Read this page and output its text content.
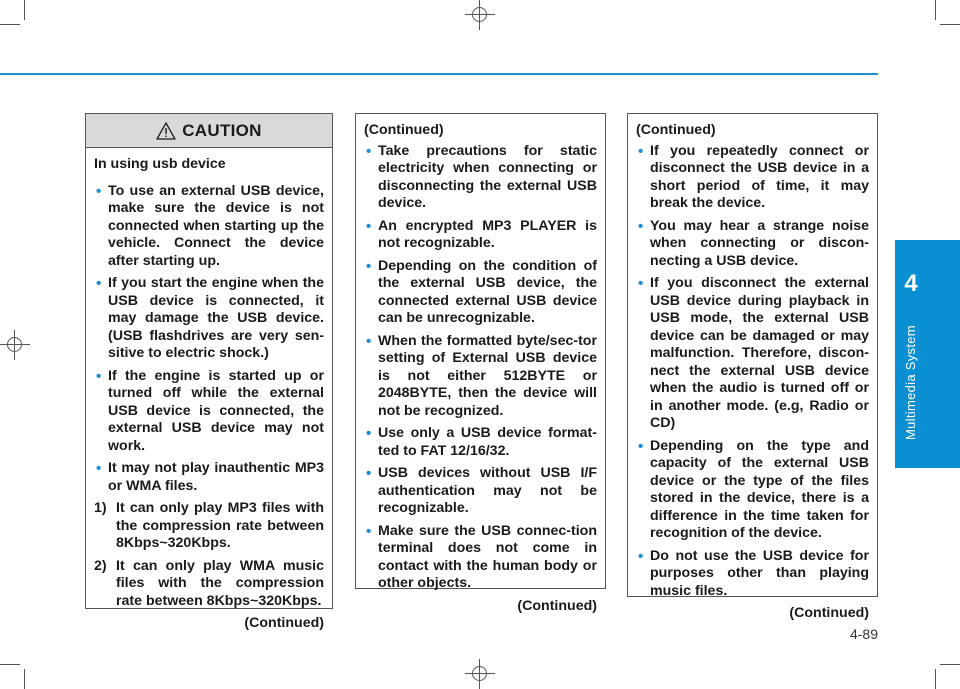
4
Multimedia System
CAUTION

In using usb device

• To use an external USB device, make sure the device is not connected when starting up the vehicle. Connect the device after starting up.
• If you start the engine when the USB device is connected, it may damage the USB device. (USB flashdrives are very sen-sitive to electric shock.)
• If the engine is started up or turned off while the external USB device is connected, the external USB device may not work.
• It may not play inauthentic MP3 or WMA files.

1) It can only play MP3 files with the compression rate between 8Kbps~320Kbps.

2) It can only play WMA music files with the compression rate between 8Kbps~320Kbps.

(Continued)

(Continued)

• Take precautions for static electricity when connecting or disconnecting the external USB device.
• An encrypted MP3 PLAYER is not recognizable.
• Depending on the condition of the external USB device, the connected external USB device can be unrecognizable.
• When the formatted byte/sec-tor setting of External USB device is not either 512BYTE or 2048BYTE, then the device will not be recognized.
• Use only a USB device format-ted to FAT 12/16/32.
• USB devices without USB I/F authentication may not be recognizable.
• Make sure the USB connec-tion terminal does not come in contact with the human body or other objects.

(Continued)

(Continued)

• If you repeatedly connect or disconnect the USB device in a short period of time, it may break the device.
• You may hear a strange noise when connecting or discon-necting a USB device.
• If you disconnect the external USB device during playback in USB mode, the external USB device can be damaged or may malfunction. Therefore, discon-nect the external USB device when the audio is turned off or in another mode. (e.g, Radio or CD)
• Depending on the type and capacity of the external USB device or the type of the files stored in the device, there is a difference in the time taken for recognition of the device.
• Do not use the USB device for purposes other than playing music files.

(Continued)

4-89
